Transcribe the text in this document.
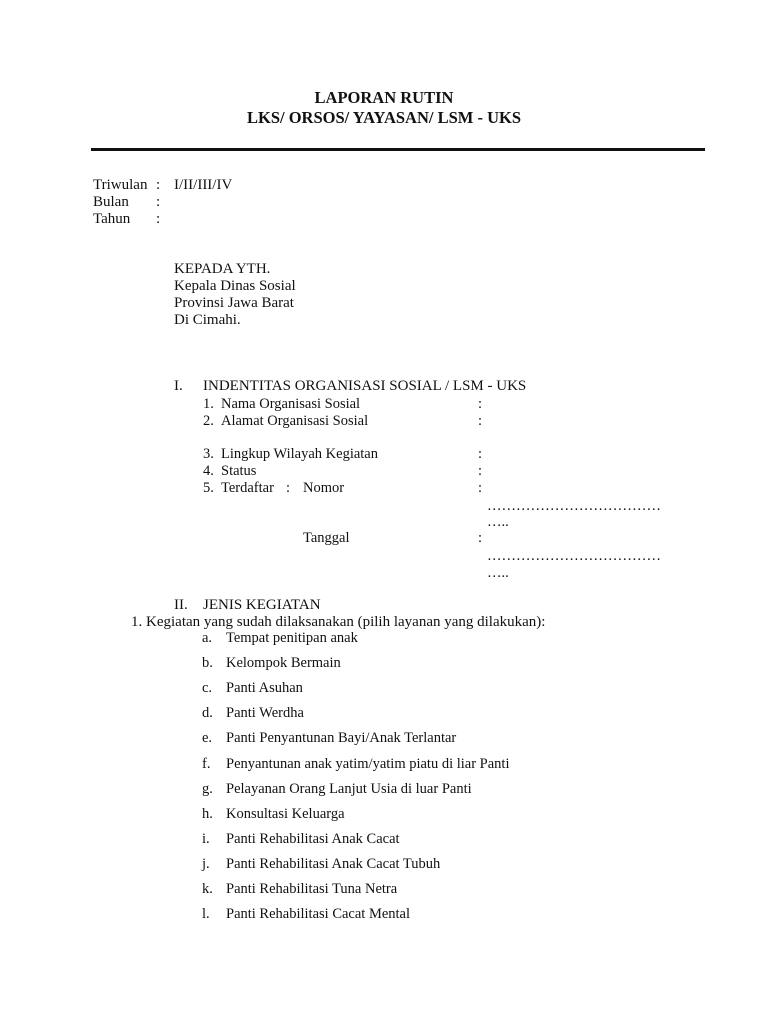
LAPORAN RUTIN
LKS/ ORSOS/ YAYASAN/ LSM - UKS
Triwulan : I/II/III/IV
Bulan :
Tahun :
KEPADA YTH.
Kepala Dinas Sosial
Provinsi Jawa Barat
Di Cimahi.
I. INDENTITAS ORGANISASI SOSIAL / LSM - UKS
1. Nama Organisasi Sosial	:
2. Alamat Organisasi Sosial	:
3. Lingkup Wilayah Kegiatan	:
4. Status	:
5. Terdaftar : Nomor	:
………………………………
…..
Tanggal	:
………………………………
…..
II. JENIS KEGIATAN
1. Kegiatan yang sudah dilaksanakan (pilih layanan yang dilakukan):
a. Tempat penitipan anak
b. Kelompok Bermain
c. Panti Asuhan
d. Panti Werdha
e. Panti Penyantunan Bayi/Anak Terlantar
f. Penyantunan anak yatim/yatim piatu di liar Panti
g. Pelayanan Orang Lanjut Usia di luar Panti
h. Konsultasi Keluarga
i. Panti Rehabilitasi Anak Cacat
j. Panti Rehabilitasi Anak Cacat Tubuh
k. Panti Rehabilitasi Tuna Netra
l. Panti Rehabilitasi Cacat Mental
